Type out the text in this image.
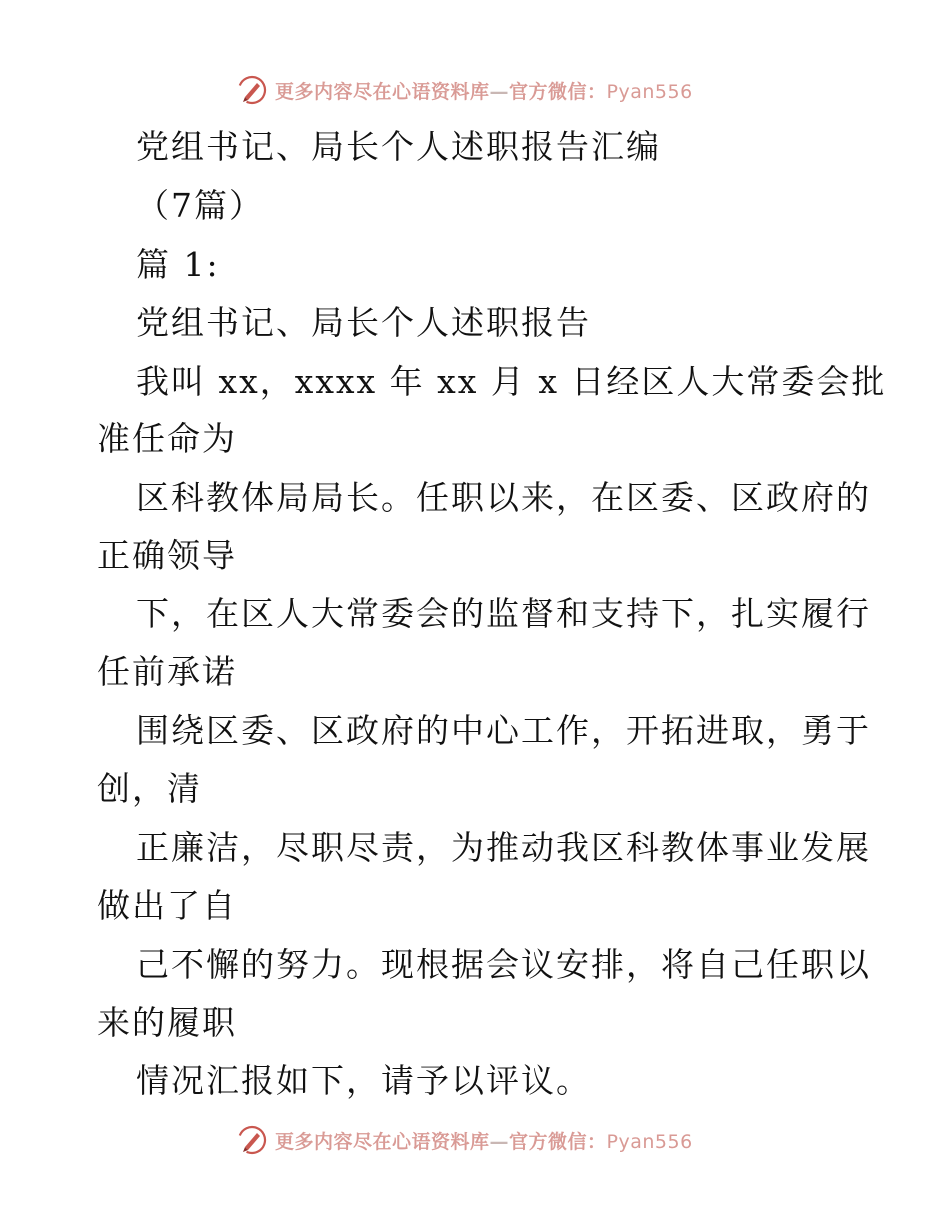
更多内容尽在心语资料库—官方微信：Pyan556
党组书记、局长个人述职报告汇编
（7篇）
篇 1:
党组书记、局长个人述职报告
我叫 xx，xxxx 年 xx 月 x 日经区人大常委会批
准任命为
区科教体局局长。任职以来，在区委、区政府的
正确领导
下，在区人大常委会的监督和支持下，扎实履行
任前承诺
围绕区委、区政府的中心工作，开拓进取，勇于
创，清
正廉洁，尽职尽责，为推动我区科教体事业发展
做出了自
己不懈的努力。现根据会议安排，将自己任职以
来的履职
情况汇报如下，请予以评议。
更多内容尽在心语资料库—官方微信：Pyan556
